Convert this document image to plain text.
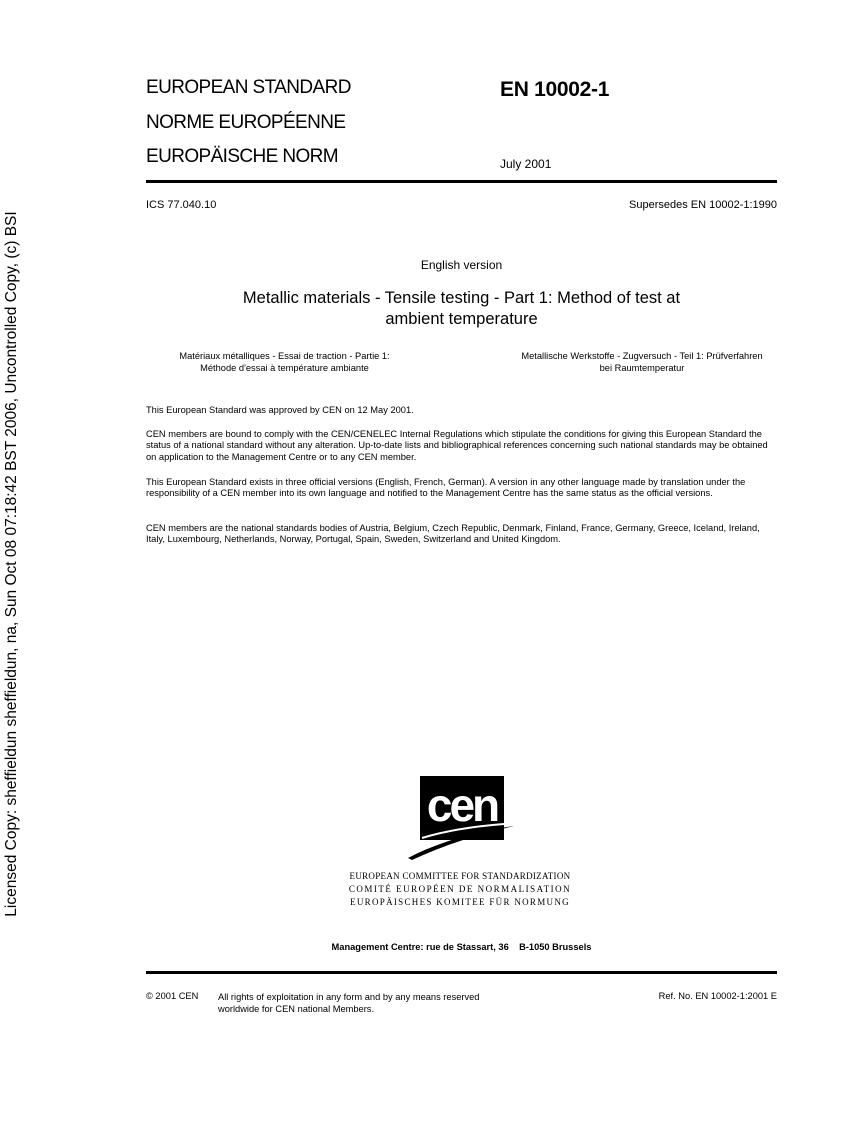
Licensed Copy: sheffieldun sheffieldun, na, Sun Oct 08 07:18:42 BST 2006, Uncontrolled Copy, (c) BSI
EUROPEAN STANDARD
NORME EUROPÉENNE
EUROPÄISCHE NORM
EN 10002-1
July 2001
ICS 77.040.10	Supersedes EN 10002-1:1990
English version
Metallic materials - Tensile testing - Part 1: Method of test at
ambient temperature
Matériaux métalliques - Essai de traction - Partie 1:
Méthode d'essai à température ambiante
Metallische Werkstoffe - Zugversuch - Teil 1: Prüfverfahren
bei Raumtemperatur
This European Standard was approved by CEN on 12 May 2001.
CEN members are bound to comply with the CEN/CENELEC Internal Regulations which stipulate the conditions for giving this European Standard the status of a national standard without any alteration. Up-to-date lists and bibliographical references concerning such national standards may be obtained on application to the Management Centre or to any CEN member.
This European Standard exists in three official versions (English, French, German). A version in any other language made by translation under the responsibility of a CEN member into its own language and notified to the Management Centre has the same status as the official versions.
CEN members are the national standards bodies of Austria, Belgium, Czech Republic, Denmark, Finland, France, Germany, Greece, Iceland, Ireland, Italy, Luxembourg, Netherlands, Norway, Portugal, Spain, Sweden, Switzerland and United Kingdom.
cen
EUROPEAN COMMITTEE FOR STANDARDIZATION
COMITÉ EUROPÉEN DE NORMALISATION
EUROPÄISCHES KOMITEE FÜR NORMUNG
Management Centre: rue de Stassart, 36    B-1050 Brussels
© 2001 CEN All rights of exploitation in any form and by any means reserved
worldwide for CEN national Members.
Ref. No. EN 10002-1:2001 E
